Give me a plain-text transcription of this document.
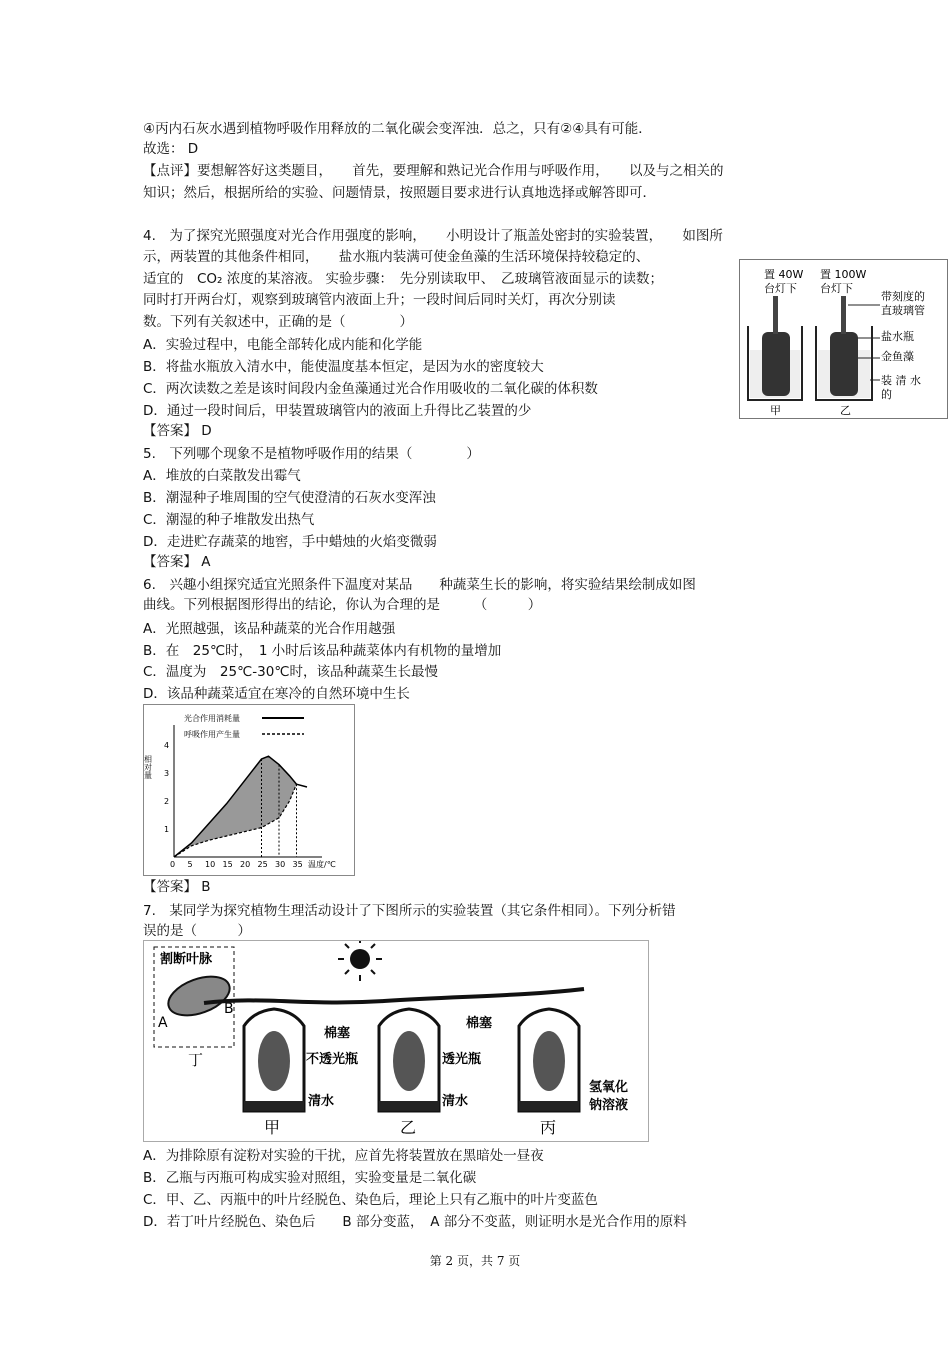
④丙内石灰水遇到植物呼吸作用释放的二氧化碳会变浑浊．总之，只有②④具有可能．
故选： D
【点评】要想解答好这类题目，　　首先，要理解和熟记光合作用与呼吸作用，　　以及与之相关的
知识；然后，根据所给的实验、问题情景，按照题目要求进行认真地选择或解答即可．
4.　为了探究光照强度对光合作用强度的影响，　　小明设计了瓶盖处密封的实验装置，　　如图所
示，两装置的其他条件相同，　　盐水瓶内装满可使金鱼藻的生活环境保持较稳定的、
适宜的　CO₂ 浓度的某溶液。 实验步骤：　先分别读取甲、　乙玻璃管液面显示的读数；
同时打开两台灯，观察到玻璃管内液面上升；一段时间后同时关灯，再次分别读
数。下列有关叙述中，正确的是（　　　　）
A．实验过程中，电能全部转化成内能和化学能
B．将盐水瓶放入清水中，能使温度基本恒定，是因为水的密度较大
C．两次读数之差是该时间段内金鱼藻通过光合作用吸收的二氧化碳的体积数
D．通过一段时间后，甲装置玻璃管内的液面上升得比乙装置的少
【答案】 D
5.　下列哪个现象不是植物呼吸作用的结果（　　　　）
A．堆放的白菜散发出霉气
B．潮湿种子堆周围的空气使澄清的石灰水变浑浊
C．潮湿的种子堆散发出热气
D．走进贮存蔬菜的地窖，手中蜡烛的火焰变微弱
【答案】 A
6.　兴趣小组探究适宜光照条件下温度对某品　　种蔬菜生长的影响，将实验结果绘制成如图
曲线。下列根据图形得出的结论，你认为合理的是　　　（　　　）
A．光照越强，该品种蔬菜的光合作用越强
B．在　25℃时，　1 小时后该品种蔬菜体内有机物的量增加
C．温度为　25℃-30℃时，该品种蔬菜生长最慢
D．该品种蔬菜适宜在寒冷的自然环境中生长
【答案】 B
7.　某同学为探究植物生理活动设计了下图所示的实验装置（其它条件相同）。下列分析错
误的是（　　　）
A．为排除原有淀粉对实验的干扰，应首先将装置放在黑暗处一昼夜
B．乙瓶与丙瓶可构成实验对照组，实验变量是二氧化碳
C．甲、乙、丙瓶中的叶片经脱色、染色后，理论上只有乙瓶中的叶片变蓝色
D．若丁叶片经脱色、染色后　　B 部分变蓝，　A 部分不变蓝，则证明水是光合作用的原料
置 40W
台灯下
置 100W
台灯下
带刻度的
直玻璃管
盐水瓶
金鱼藻
装 清 水
的
甲	乙
光合作用消耗量
呼吸作用产生量
相对量
温度/℃
0 5 10 15 20 25 30 35
1
2
3
4
割断叶脉
A
B
丁
棉塞
棉塞
不透光瓶	透光瓶
清水	清水
氢氧化
钠溶液
甲	乙	丙
第 2 页，共 7 页
